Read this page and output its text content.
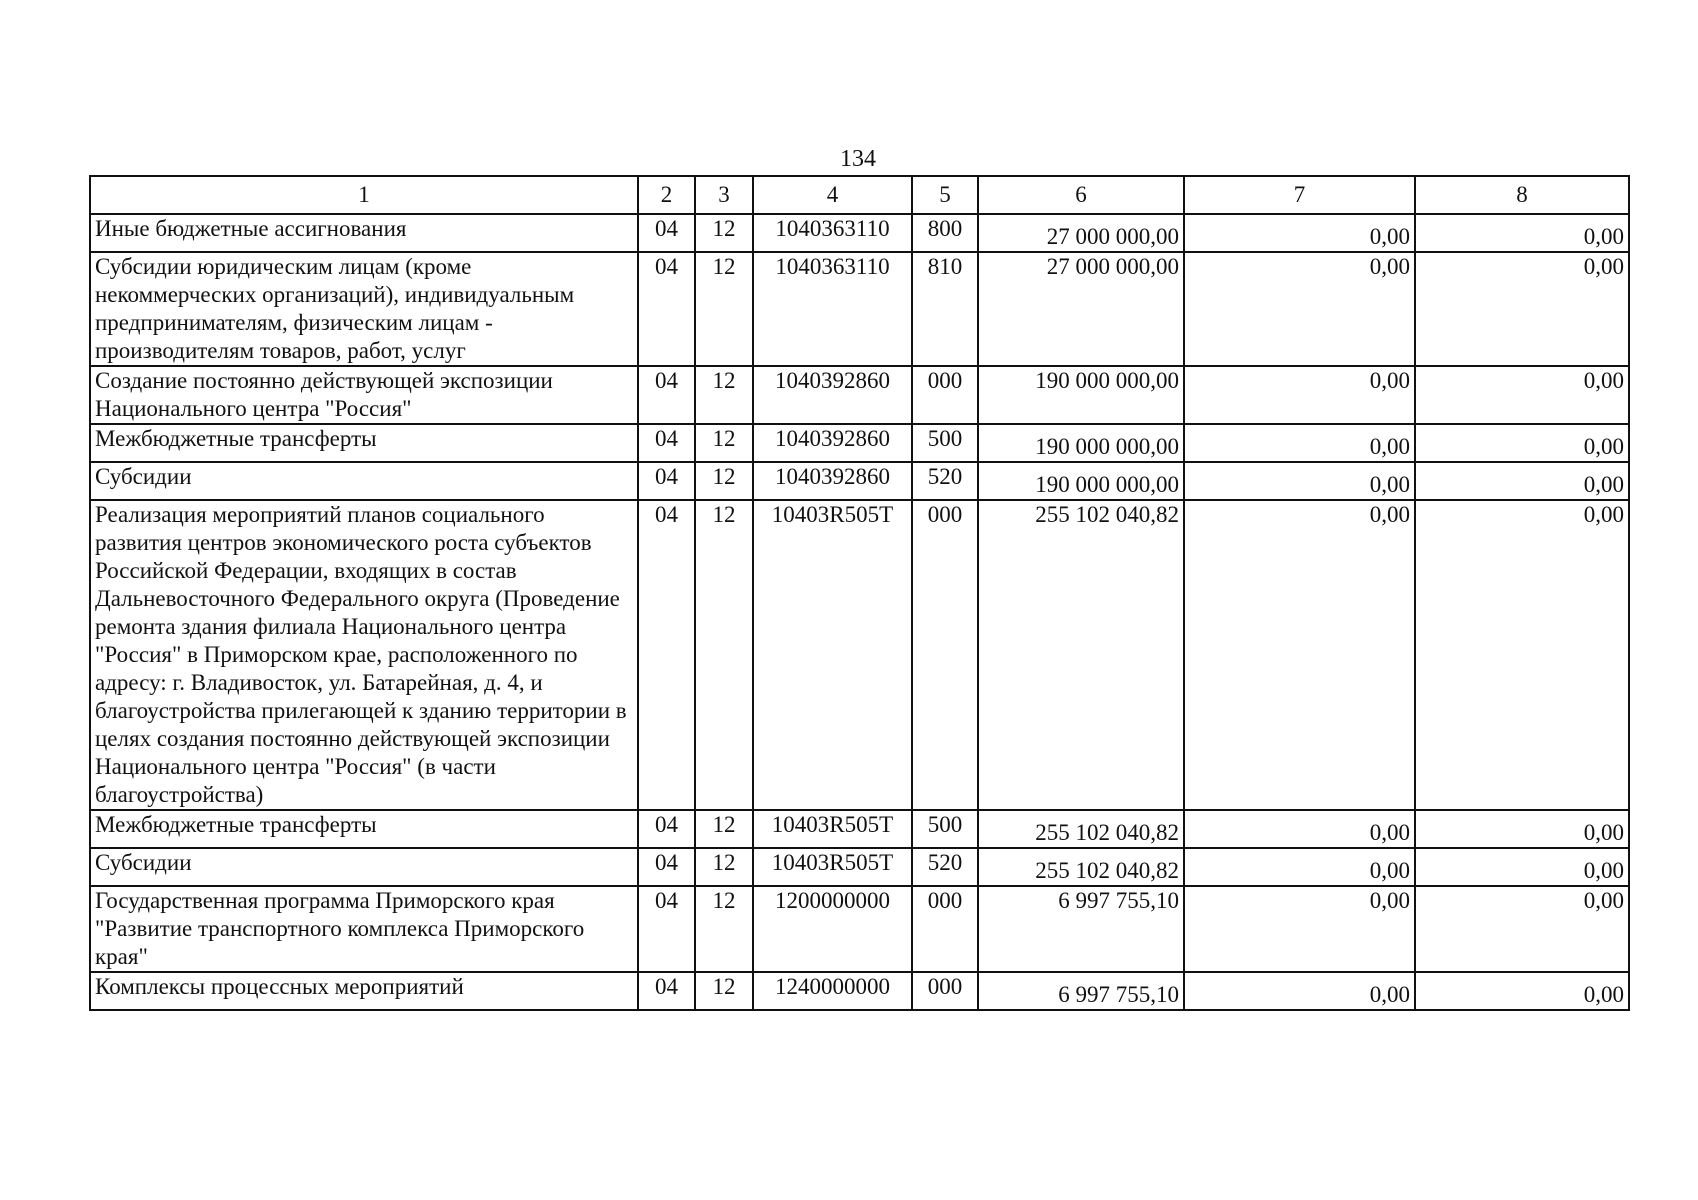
134
1	2	3	4	5	6	7	8
Иные бюджетные ассигнования	04	12	1040363110	800	27 000 000,00	0,00	0,00
Субсидии юридическим лицам (кроме некоммерческих организаций), индивидуальным предпринимателям, физическим лицам - производителям товаров, работ, услуг	04	12	1040363110	810	27 000 000,00	0,00	0,00
Создание постоянно действующей экспозиции Национального центра "Россия"	04	12	1040392860	000	190 000 000,00	0,00	0,00
Межбюджетные трансферты	04	12	1040392860	500	190 000 000,00	0,00	0,00
Субсидии	04	12	1040392860	520	190 000 000,00	0,00	0,00
Реализация мероприятий планов социального развития центров экономического роста субъектов Российской Федерации, входящих в состав Дальневосточного Федерального округа (Проведение ремонта здания филиала Национального центра "Россия" в Приморском крае, расположенного по адресу: г. Владивосток, ул. Батарейная, д. 4, и благоустройства прилегающей к зданию территории в целях создания постоянно действующей экспозиции Национального центра "Россия" (в части благоустройства)	04	12	10403R505T	000	255 102 040,82	0,00	0,00
Межбюджетные трансферты	04	12	10403R505T	500	255 102 040,82	0,00	0,00
Субсидии	04	12	10403R505T	520	255 102 040,82	0,00	0,00
Государственная программа Приморского края "Развитие транспортного комплекса Приморского края"	04	12	1200000000	000	6 997 755,10	0,00	0,00
Комплексы процессных мероприятий	04	12	1240000000	000	6 997 755,10	0,00	0,00
